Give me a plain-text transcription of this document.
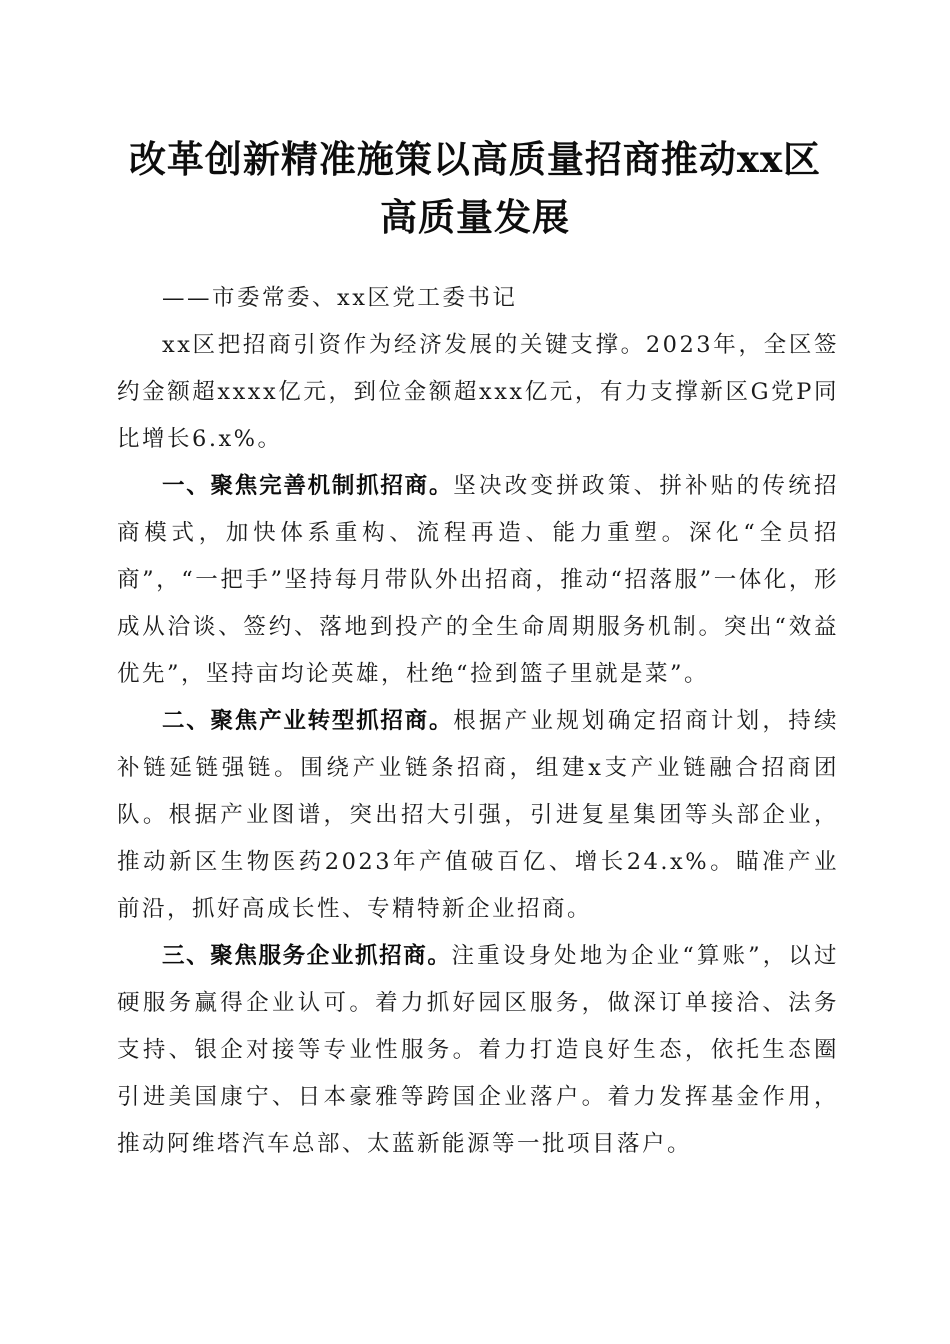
改革创新精准施策以高质量招商推动xx区高质量发展

——市委常委、xx区党工委书记

xx区把招商引资作为经济发展的关键支撑。2023年，全区签约金额超xxxx亿元，到位金额超xxx亿元，有力支撑新区G党P同比增长6.x%。

一、聚焦完善机制抓招商。坚决改变拼政策、拼补贴的传统招商模式，加快体系重构、流程再造、能力重塑。深化“全员招商”，“一把手”坚持每月带队外出招商，推动“招落服”一体化，形成从洽谈、签约、落地到投产的全生命周期服务机制。突出“效益优先”，坚持亩均论英雄，杜绝“捡到篮子里就是菜”。

二、聚焦产业转型抓招商。根据产业规划确定招商计划，持续补链延链强链。围绕产业链条招商，组建x支产业链融合招商团队。根据产业图谱，突出招大引强，引进复星集团等头部企业，推动新区生物医药2023年产值破百亿、增长24.x%。瞄准产业前沿，抓好高成长性、专精特新企业招商。

三、聚焦服务企业抓招商。注重设身处地为企业“算账”，以过硬服务赢得企业认可。着力抓好园区服务，做深订单接洽、法务支持、银企对接等专业性服务。着力打造良好生态，依托生态圈引进美国康宁、日本豪雅等跨国企业落户。着力发挥基金作用，推动阿维塔汽车总部、太蓝新能源等一批项目落户。
